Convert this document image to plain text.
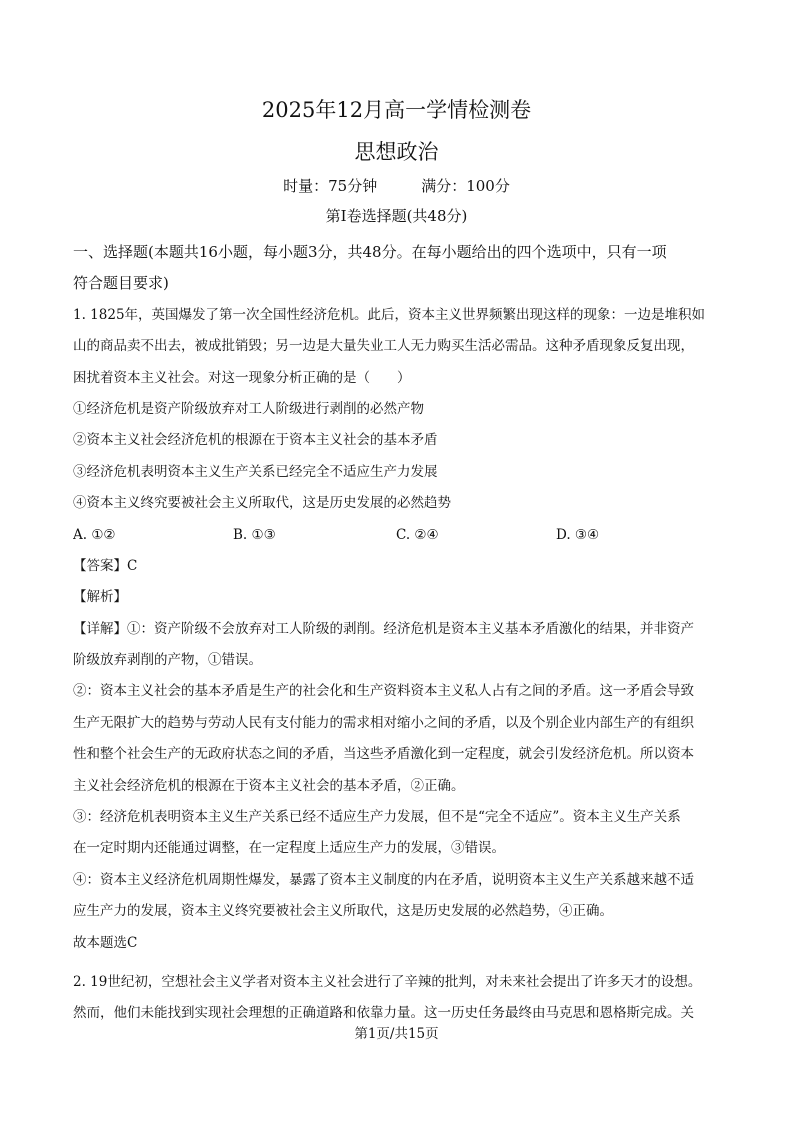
2025年12月高一学情检测卷
思想政治
时量：75分钟	满分：100分
第Ⅰ卷选择题(共48分)
一、选择题(本题共16小题，每小题3分，共48分。在每小题给出的四个选项中，只有一项
符合题目要求)
1. 1825年，英国爆发了第一次全国性经济危机。此后，资本主义世界频繁出现这样的现象：一边是堆积如
山的商品卖不出去，被成批销毁；另一边是大量失业工人无力购买生活必需品。这种矛盾现象反复出现，
困扰着资本主义社会。对这一现象分析正确的是（　　）
①经济危机是资产阶级放弃对工人阶级进行剥削的必然产物
②资本主义社会经济危机的根源在于资本主义社会的基本矛盾
③经济危机表明资本主义生产关系已经完全不适应生产力发展
④资本主义终究要被社会主义所取代，这是历史发展的必然趋势
A. ①②	B. ①③	C. ②④	D. ③④
【答案】C
【解析】
【详解】①：资产阶级不会放弃对工人阶级的剥削。经济危机是资本主义基本矛盾激化的结果，并非资产
阶级放弃剥削的产物，①错误。
②：资本主义社会的基本矛盾是生产的社会化和生产资料资本主义私人占有之间的矛盾。这一矛盾会导致
生产无限扩大的趋势与劳动人民有支付能力的需求相对缩小之间的矛盾，以及个别企业内部生产的有组织
性和整个社会生产的无政府状态之间的矛盾，当这些矛盾激化到一定程度，就会引发经济危机。所以资本
主义社会经济危机的根源在于资本主义社会的基本矛盾，②正确。
③：经济危机表明资本主义生产关系已经不适应生产力发展，但不是“完全不适应”。资本主义生产关系
在一定时期内还能通过调整，在一定程度上适应生产力的发展，③错误。
④：资本主义经济危机周期性爆发，暴露了资本主义制度的内在矛盾，说明资本主义生产关系越来越不适
应生产力的发展，资本主义终究要被社会主义所取代，这是历史发展的必然趋势，④正确。
故本题选C
2. 19世纪初，空想社会主义学者对资本主义社会进行了辛辣的批判，对未来社会提出了许多天才的设想。
然而，他们未能找到实现社会理想的正确道路和依靠力量。这一历史任务最终由马克思和恩格斯完成。关
第1页/共15页
